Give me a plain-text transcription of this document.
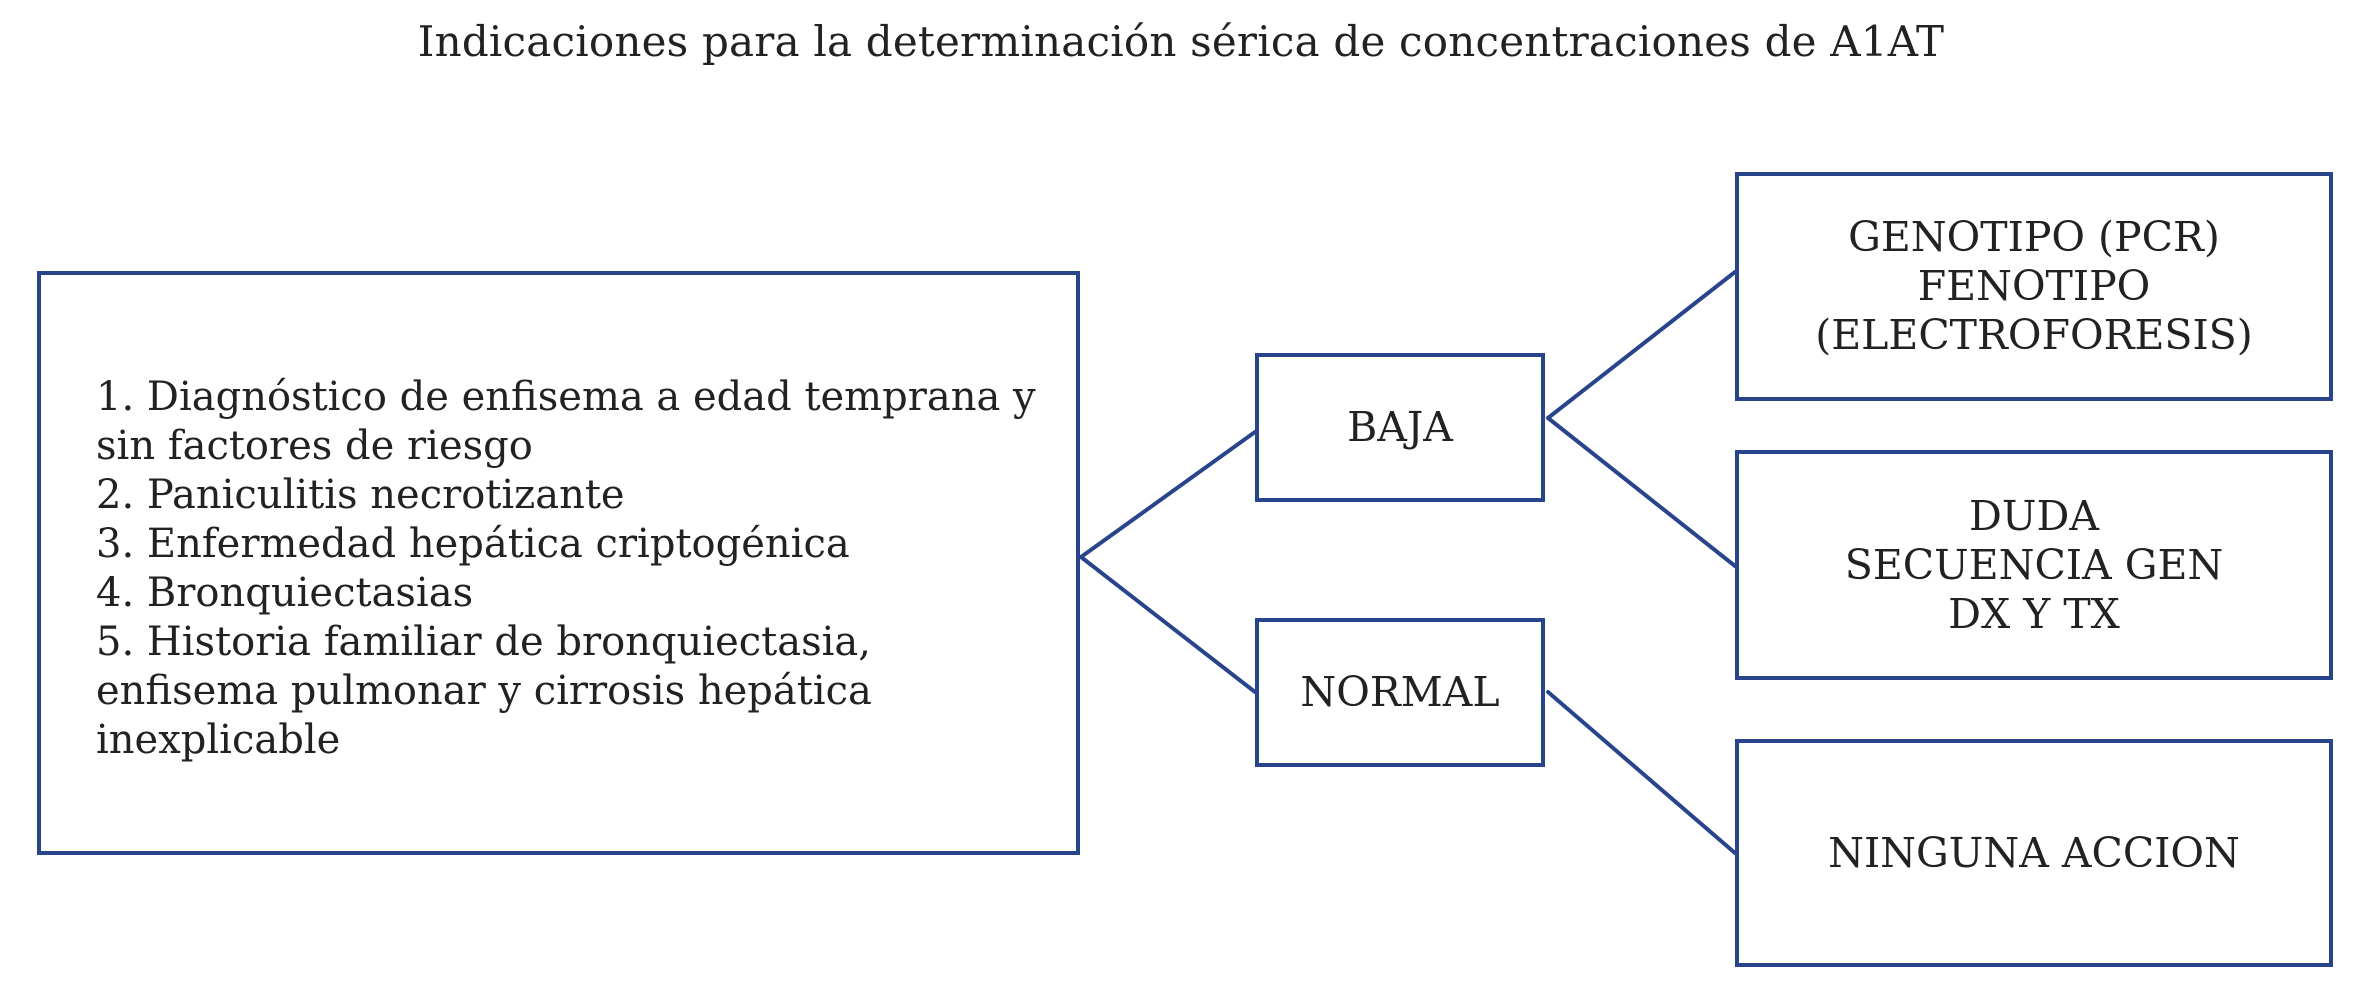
Indicaciones para la determinación sérica de concentraciones de A1AT
1. Diagnóstico de enfisema a edad temprana y sin factores de riesgo
2. Paniculitis necrotizante
3. Enfermedad hepática criptogénica
4. Bronquiectasias
5. Historia familiar de bronquiectasia, enfisema pulmonar y cirrosis hepática inexplicable
BAJA
NORMAL
GENOTIPO (PCR)
FENOTIPO
(ELECTROFORESIS)
DUDA
SECUENCIA GEN
DX Y TX
NINGUNA ACCION
